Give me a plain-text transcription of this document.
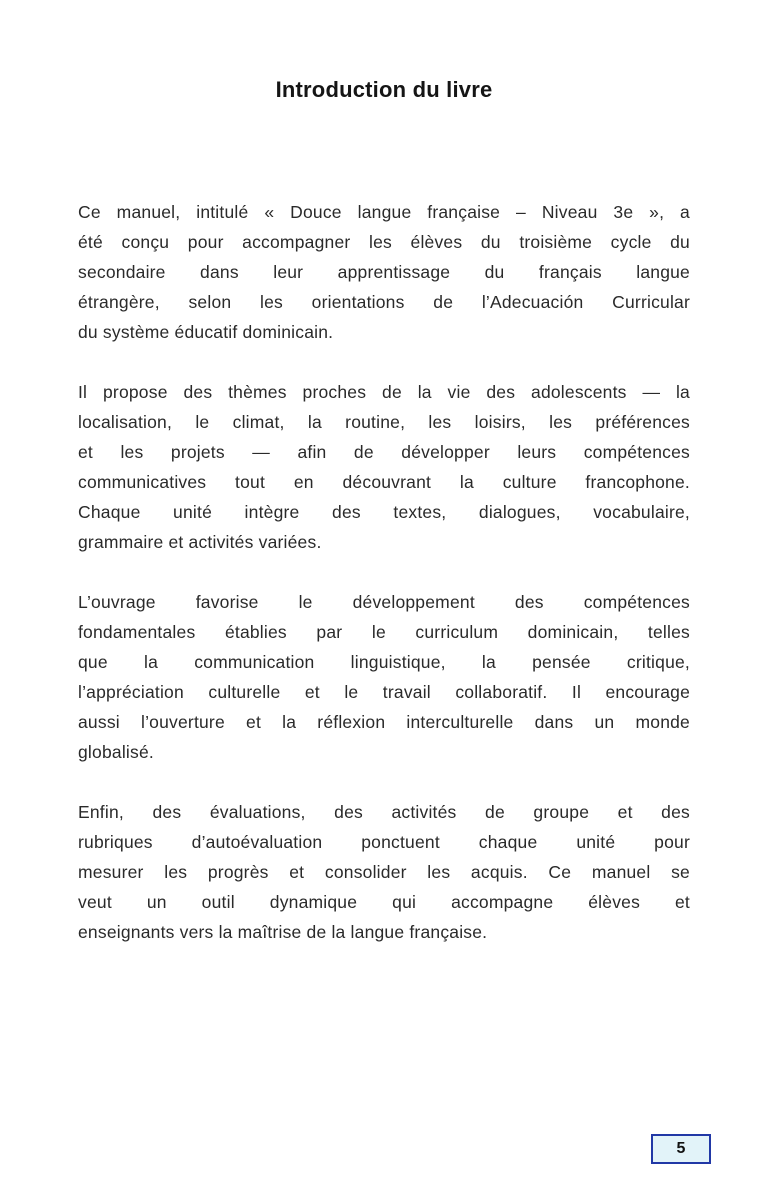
Introduction du livre
Ce manuel, intitulé « Douce langue française – Niveau 3e », a
été conçu pour accompagner les élèves du troisième cycle du
secondaire dans leur apprentissage du français langue
étrangère, selon les orientations de l’Adecuación Curricular
du système éducatif dominicain.
Il propose des thèmes proches de la vie des adolescents — la
localisation, le climat, la routine, les loisirs, les préférences
et les projets — afin de développer leurs compétences
communicatives tout en découvrant la culture francophone.
Chaque unité intègre des textes, dialogues, vocabulaire,
grammaire et activités variées.
L’ouvrage favorise le développement des compétences
fondamentales établies par le curriculum dominicain, telles
que la communication linguistique, la pensée critique,
l’appréciation culturelle et le travail collaboratif. Il encourage
aussi l’ouverture et la réflexion interculturelle dans un monde
globalisé.
Enfin, des évaluations, des activités de groupe et des
rubriques d’autoévaluation ponctuent chaque unité pour
mesurer les progrès et consolider les acquis. Ce manuel se
veut un outil dynamique qui accompagne élèves et
enseignants vers la maîtrise de la langue française.
5
